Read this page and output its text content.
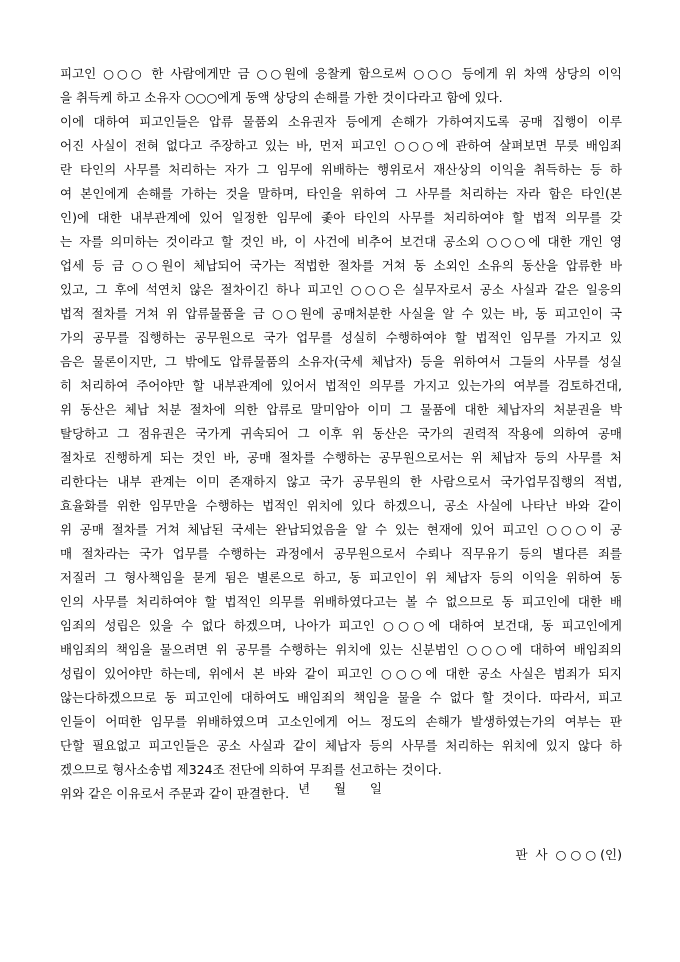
피고인 ○○○ 한 사람에게만 금 ○○원에 응찰케 함으로써 ○○○ 등에게 위 차액 상당의 이익
을 취득케 하고 소유자 ○○○에게 동액 상당의 손해를 가한 것이다라고 함에 있다.
이에 대하여 피고인들은 압류 물품외 소유권자 등에게 손해가 가하여지도록 공매 집행이 이루
어진 사실이 전혀 없다고 주장하고 있는 바, 먼저 피고인 ○○○에 관하여 살펴보면 무릇 배임죄
란 타인의 사무를 처리하는 자가 그 임무에 위배하는 행위로서 재산상의 이익을 취득하는 등 하
여 본인에게 손해를 가하는 것을 말하며, 타인을 위하여 그 사무를 처리하는 자라 함은 타인(본
인)에 대한 내부관계에 있어 일정한 임무에 좇아 타인의 사무를 처리하여야 할 법적 의무를 갖
는 자를 의미하는 것이라고 할 것인 바, 이 사건에 비추어 보건대 공소외 ○○○에 대한 개인 영
업세 등 금 ○○원이 체납되어 국가는 적법한 절차를 거쳐 동 소외인 소유의 동산을 압류한 바
있고, 그 후에 석연치 않은 절차이긴 하나 피고인 ○○○은 실무자로서 공소 사실과 같은 일응의
법적 절차를 거쳐 위 압류물품을 금 ○○원에 공매처분한 사실을 알 수 있는 바, 동 피고인이 국
가의 공무를 집행하는 공무원으로 국가 업무를 성실히 수행하여야 할 법적인 임무를 가지고 있
음은 물론이지만, 그 밖에도 압류물품의 소유자(국세 체납자) 등을 위하여서 그들의 사무를 성실
히 처리하여 주어야만 할 내부관계에 있어서 법적인 의무를 가지고 있는가의 여부를 검토하건대,
위 동산은 체납 처분 절차에 의한 압류로 말미암아 이미 그 물품에 대한 체납자의 처분권을 박
탈당하고 그 점유권은 국가게 귀속되어 그 이후 위 동산은 국가의 권력적 작용에 의하여 공매
절차로 진행하게 되는 것인 바, 공매 절차를 수행하는 공무원으로서는 위 체납자 등의 사무를 처
리한다는 내부 관계는 이미 존재하지 않고 국가 공무원의 한 사람으로서 국가업무집행의 적법,
효율화를 위한 임무만을 수행하는 법적인 위치에 있다 하겠으니, 공소 사실에 나타난 바와 같이
위 공매 절차를 거쳐 체납된 국세는 완납되었음을 알 수 있는 현재에 있어 피고인 ○○○이 공
매 절차라는 국가 업무를 수행하는 과정에서 공무원으로서 수뢰나 직무유기 등의 별다른 죄를
저질러 그 형사책임을 묻게 됨은 별론으로 하고, 동 피고인이 위 체납자 등의 이익을 위하여 동
인의 사무를 처리하여야 할 법적인 의무를 위배하였다고는 볼 수 없으므로 동 피고인에 대한 배
임죄의 성립은 있을 수 없다 하겠으며, 나아가 피고인 ○○○에 대하여 보건대, 동 피고인에게
배임죄의 책임을 물으려면 위 공무를 수행하는 위치에 있는 신분범인 ○○○에 대하여 배임죄의
성립이 있어야만 하는데, 위에서 본 바와 같이 피고인 ○○○에 대한 공소 사실은 범죄가 되지
않는다하겠으므로 동 피고인에 대하여도 배임죄의 책임을 물을 수 없다 할 것이다. 따라서, 피고
인들이 어떠한 임무를 위배하였으며 고소인에게 어느 정도의 손해가 발생하였는가의 여부는 판
단할 필요없고 피고인들은 공소 사실과 같이 체납자 등의 사무를 처리하는 위치에 있지 않다 하
겠으므로 형사소송법 제324조 전단에 의하여 무죄를 선고하는 것이다.
위와 같은 이유로서 주문과 같이 판결한다. 년      월      일
판  사  ○ ○ ○ (인)
